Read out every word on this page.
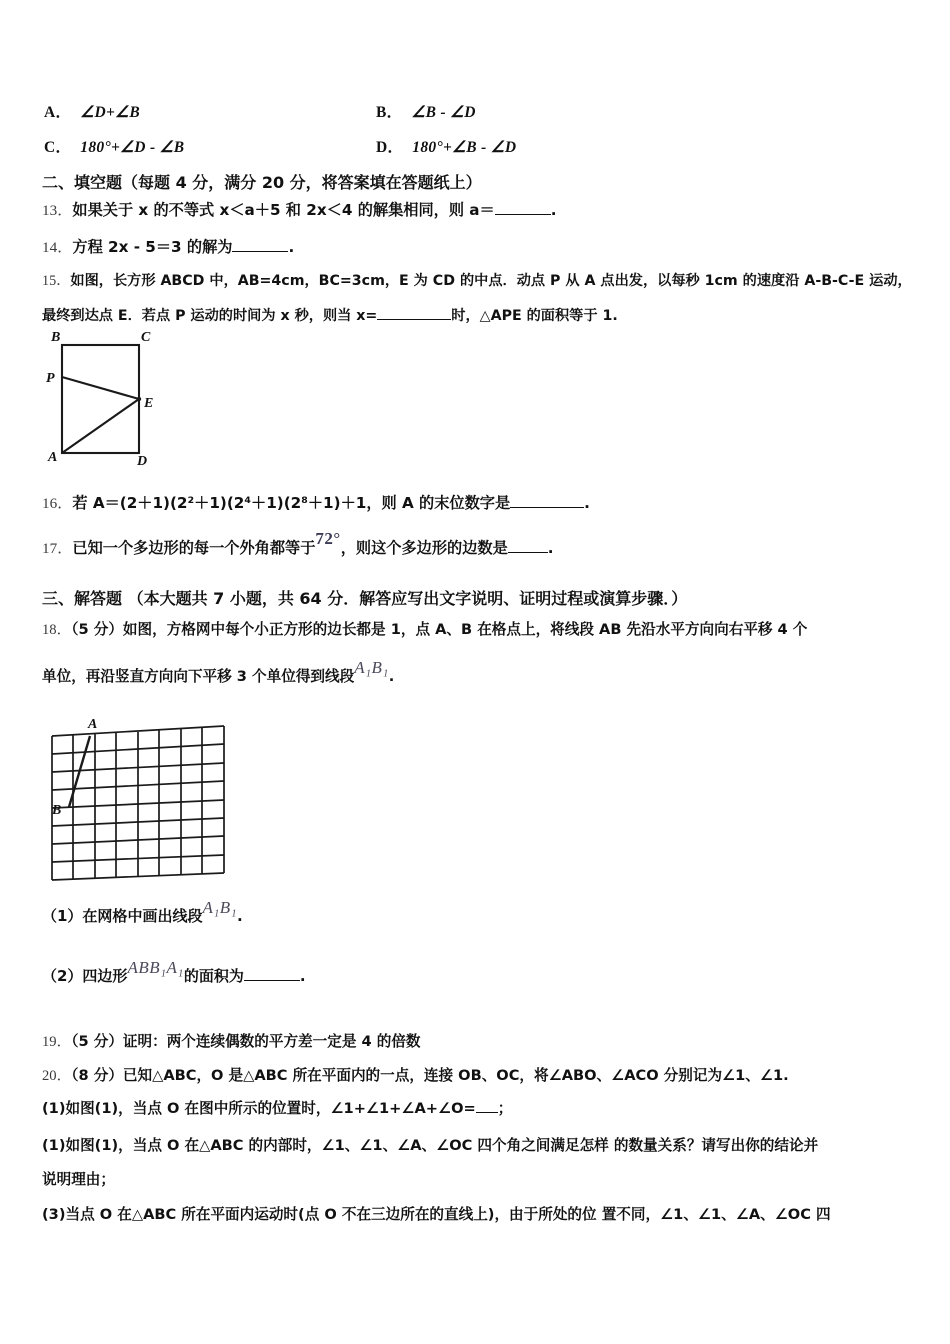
A． ∠D+∠B	B． ∠B - ∠D
C． 180°+∠D - ∠B	D． 180°+∠B - ∠D
二、填空题（每题 4 分，满分 20 分，将答案填在答题纸上）
13．如果关于 x 的不等式 x＜a＋5 和 2x＜4 的解集相同，则 a＝	.
14．方程 2x - 5＝3 的解为	.
15．如图，长方形 ABCD 中，AB=4cm，BC=3cm，E 为 CD 的中点．动点 P 从 A 点出发，以每秒 1cm 的速度沿 A-B-C-E 运动，
最终到达点 E．若点 P 运动的时间为 x 秒，则当 x=	时，△APE 的面积等于 1.
B	C
P
E
A	D
16．若 A＝(2＋1)(2²＋1)(2⁴＋1)(2⁸＋1)＋1，则 A 的末位数字是	.
17．已知一个多边形的每一个外角都等于72°，则这个多边形的边数是	.
三、解答题 （本大题共 7 小题，共 64 分．解答应写出文字说明、证明过程或演算步骤．）
18．（5 分）如图，方格网中每个小正方形的边长都是 1，点 A、B 在格点上，将线段 AB 先沿水平方向向右平移 4 个
单位，再沿竖直方向向下平移 3 个单位得到线段A₁B₁.
A
B
（1）在网格中画出线段A₁B₁.
（2）四边形ABB₁A₁的面积为	.
19．（5 分）证明：两个连续偶数的平方差一定是 4 的倍数
20．（8 分）已知△ABC，O 是△ABC 所在平面内的一点，连接 OB、OC，将∠ABO、∠ACO 分别记为∠1、∠1.
(1)如图(1)，当点 O 在图中所示的位置时，∠1+∠1+∠A+∠O= ；
(1)如图(1)，当点 O 在△ABC 的内部时，∠1、∠1、∠A、∠OC 四个角之间满足怎样 的数量关系？请写出你的结论并
说明理由；
(3)当点 O 在△ABC 所在平面内运动时(点 O 不在三边所在的直线上)，由于所处的位 置不同，∠1、∠1、∠A、∠OC 四
